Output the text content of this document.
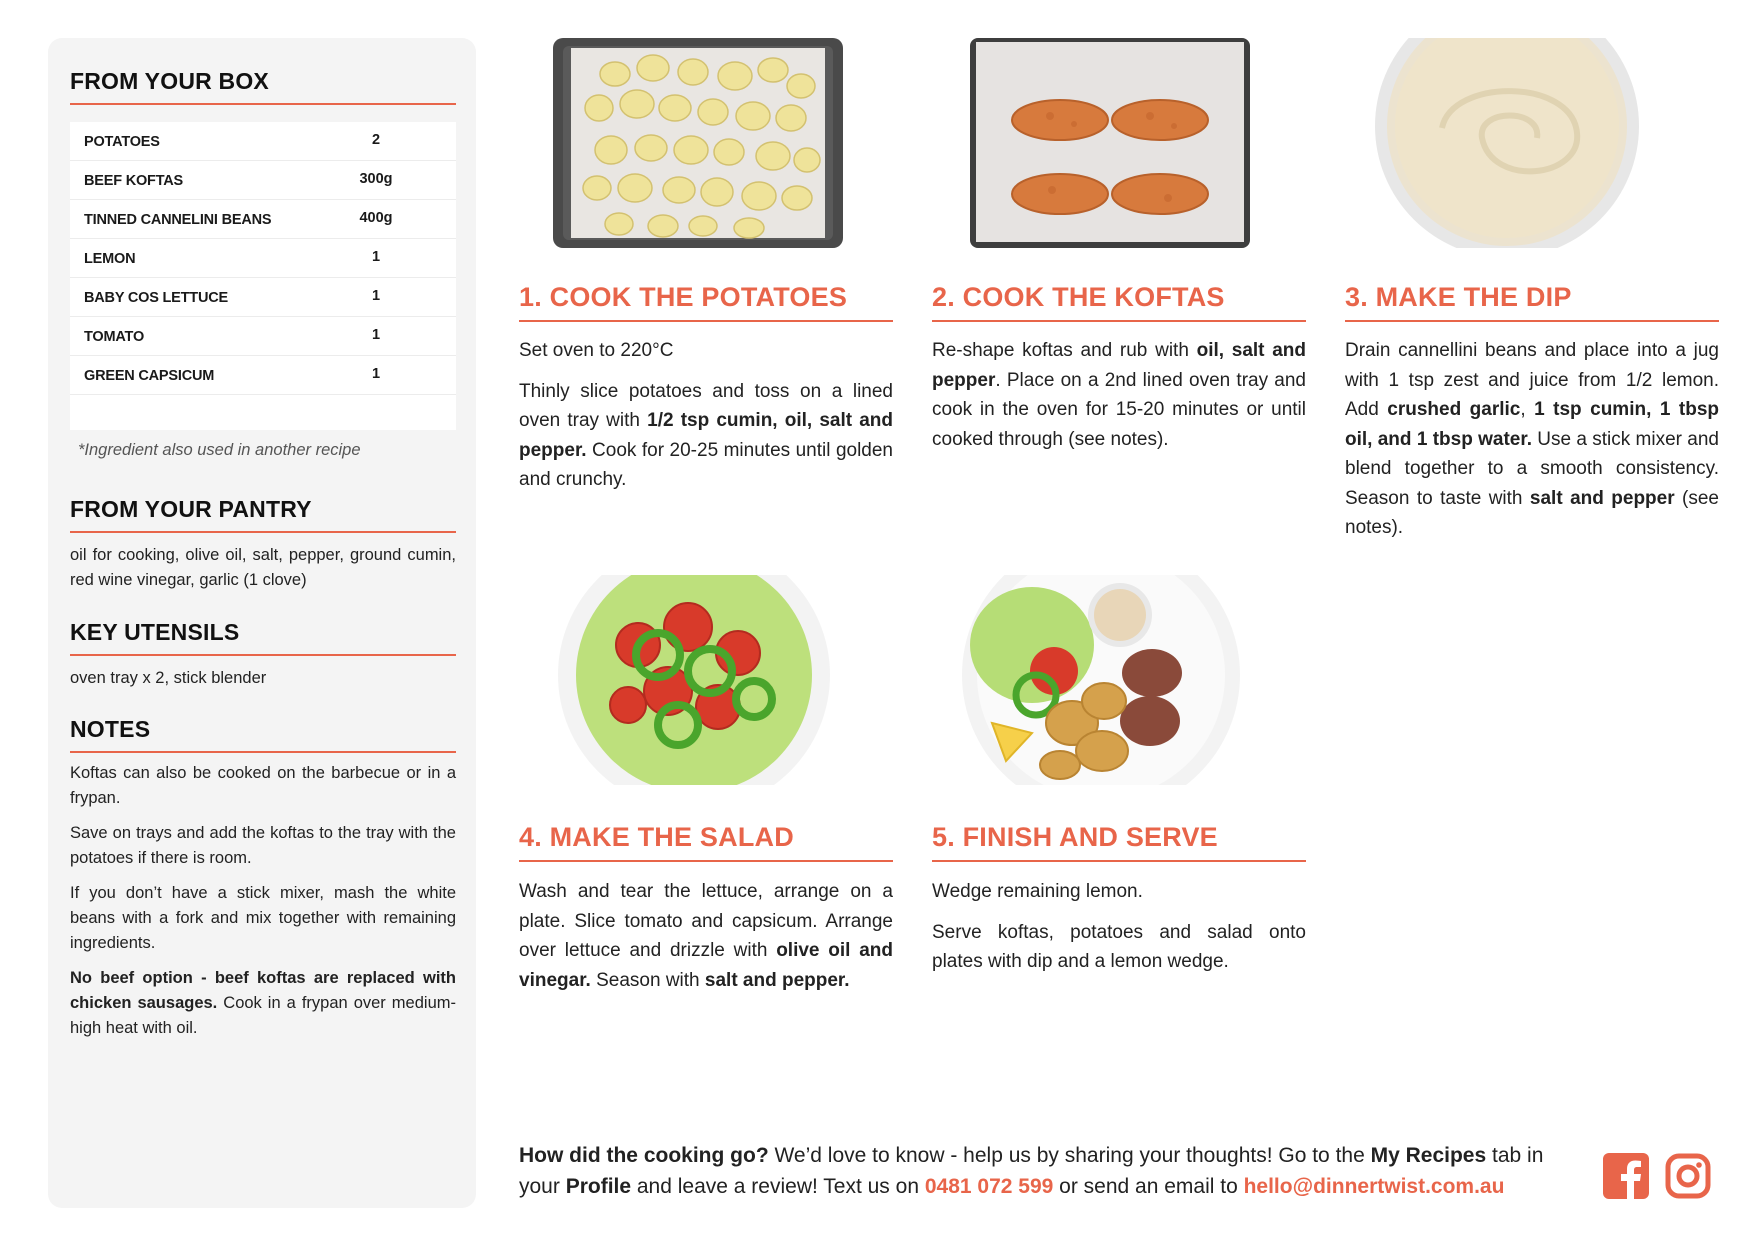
FROM YOUR BOX
POTATOES	2
BEEF KOFTAS	300g
TINNED CANNELINI BEANS	400g
LEMON	1
BABY COS LETTUCE	1
TOMATO	1
GREEN CAPSICUM	1
*Ingredient also used in another recipe
FROM YOUR PANTRY
oil for cooking, olive oil, salt, pepper, ground cumin, red wine vinegar, garlic (1 clove)
KEY UTENSILS
oven tray x 2, stick blender
NOTES

Koftas can also be cooked on the barbecue or in a frypan.

Save on trays and add the koftas to the tray with the potatoes if there is room.

If you don’t have a stick mixer, mash the white beans with a fork and mix together with remaining ingredients.

No beef option - beef koftas are replaced with chicken sausages. Cook in a frypan over medium-high heat with oil.

1. COOK THE POTATOES

Set oven to 220°C

Thinly slice potatoes and toss on a lined oven tray with 1/2 tsp cumin, oil, salt and pepper. Cook for 20-25 minutes until golden and crunchy.

2. COOK THE KOFTAS

Re-shape koftas and rub with oil, salt and pepper. Place on a 2nd lined oven tray and cook in the oven for 15-20 minutes or until cooked through (see notes).

3. MAKE THE DIP

Drain cannellini beans and place into a jug with 1 tsp zest and juice from 1/2 lemon. Add crushed garlic, 1 tsp cumin, 1 tbsp oil, and 1 tbsp water. Use a stick mixer and blend together to a smooth consistency. Season to taste with salt and pepper (see notes).

4. MAKE THE SALAD

Wash and tear the lettuce, arrange on a plate. Slice tomato and capsicum. Arrange over lettuce and drizzle with olive oil and vinegar. Season with salt and pepper.

5. FINISH AND SERVE

Wedge remaining lemon.

Serve koftas, potatoes and salad onto plates with dip and a lemon wedge.

How did the cooking go? We’d love to know - help us by sharing your thoughts! Go to the My Recipes tab in your Profile and leave a review! Text us on 0481 072 599 or send an email to hello@dinnertwist.com.au
